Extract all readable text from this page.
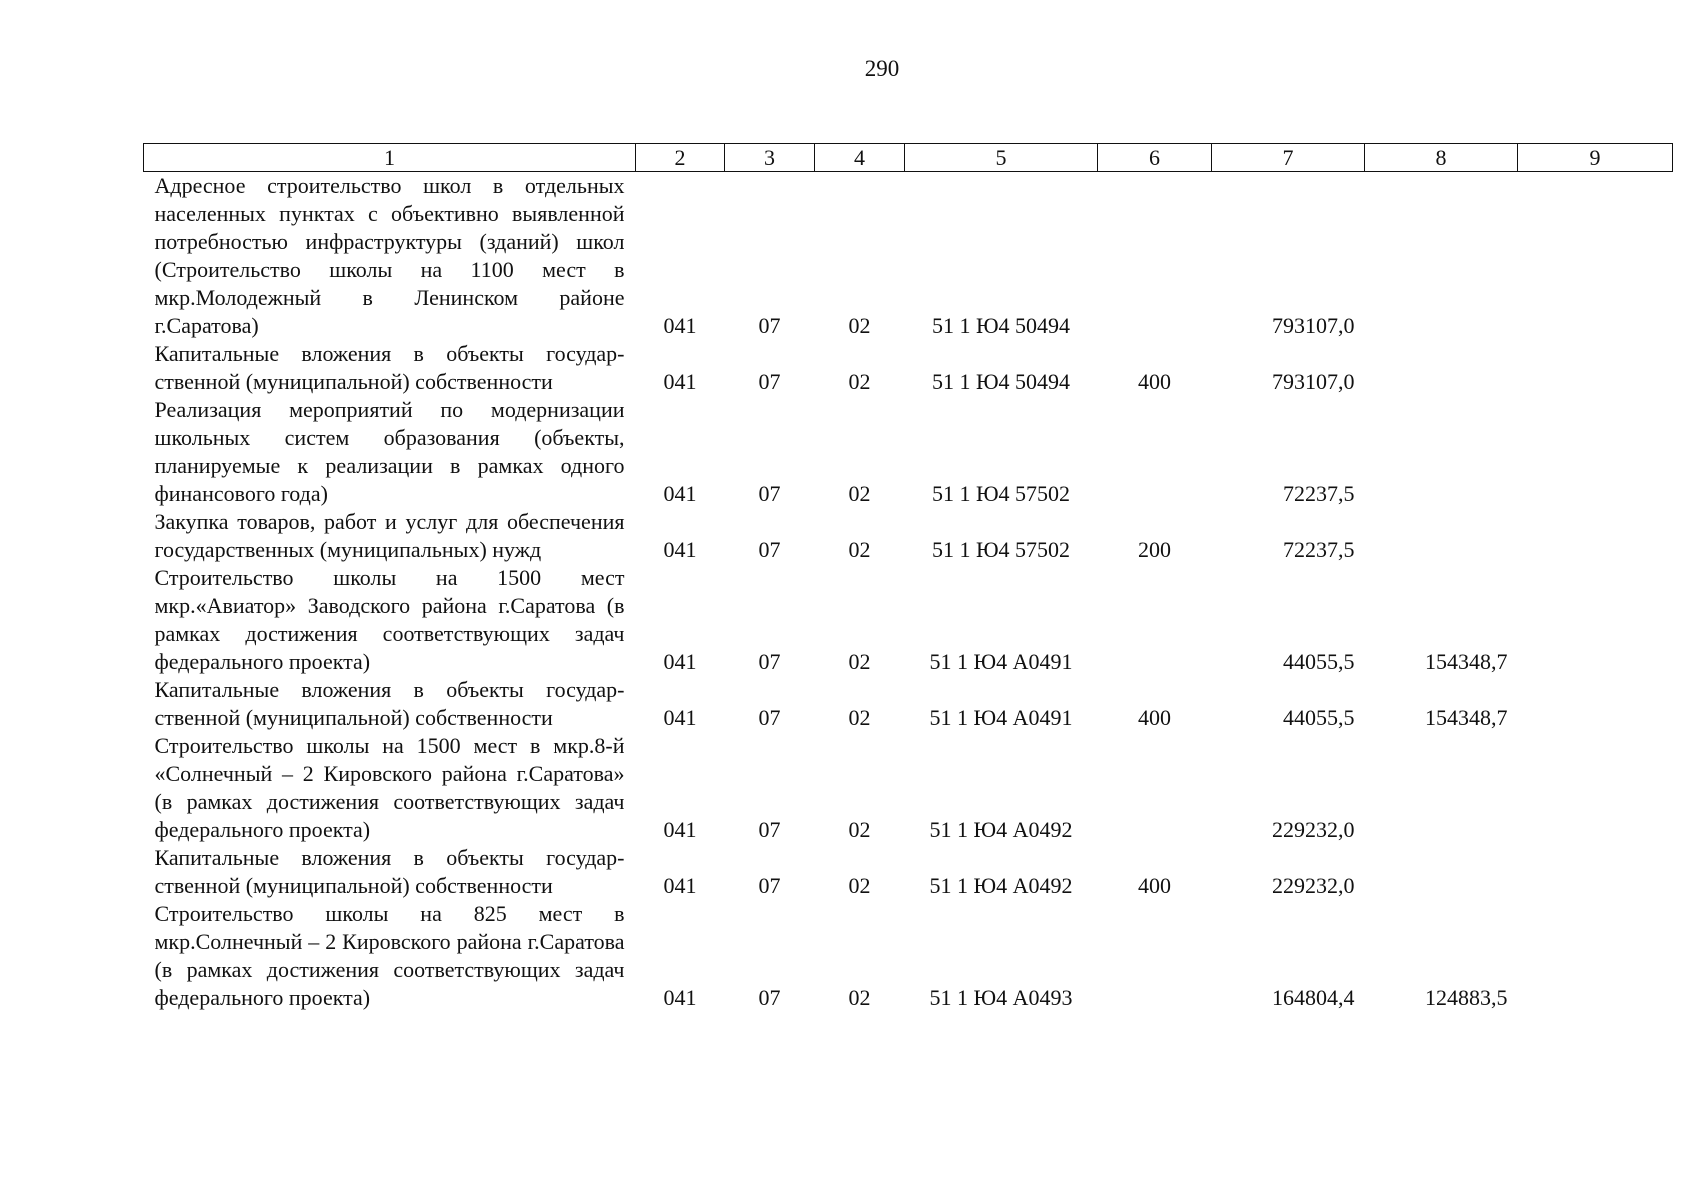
290
1	2	3	4	5	6	7	8	9
Адресное строительство школ в отдельных населенных пунктах с объективно выявленной потребностью инфраструктуры (зданий) школ (Строительство школы на 1100 мест в мкр.Молодежный в Ленинском районе г.Саратова)	041	07	02	51 1 Ю4 50494		793107,0		
Капитальные вложения в объекты государственной (муниципальной) собственности	041	07	02	51 1 Ю4 50494	400	793107,0		
Реализация мероприятий по модернизации школьных систем образования (объекты, планируемые к реализации в рамках одного финансового года)	041	07	02	51 1 Ю4 57502		72237,5		
Закупка товаров, работ и услуг для обеспечения государственных (муниципальных) нужд	041	07	02	51 1 Ю4 57502	200	72237,5		
Строительство школы на 1500 мест мкр.«Авиатор» Заводского района г.Саратова (в рамках достижения соответствующих задач федерального проекта)	041	07	02	51 1 Ю4 А0491		44055,5	154348,7	
Капитальные вложения в объекты государственной (муниципальной) собственности	041	07	02	51 1 Ю4 А0491	400	44055,5	154348,7	
Строительство школы на 1500 мест в мкр.8-й «Солнечный – 2 Кировского района г.Саратова» (в рамках достижения соответствующих задач федерального проекта)	041	07	02	51 1 Ю4 А0492		229232,0		
Капитальные вложения в объекты государственной (муниципальной) собственности	041	07	02	51 1 Ю4 А0492	400	229232,0		
Строительство школы на 825 мест в мкр.Солнечный – 2 Кировского района г.Саратова (в рамках достижения соответствующих задач федерального проекта)	041	07	02	51 1 Ю4 А0493		164804,4	124883,5	
